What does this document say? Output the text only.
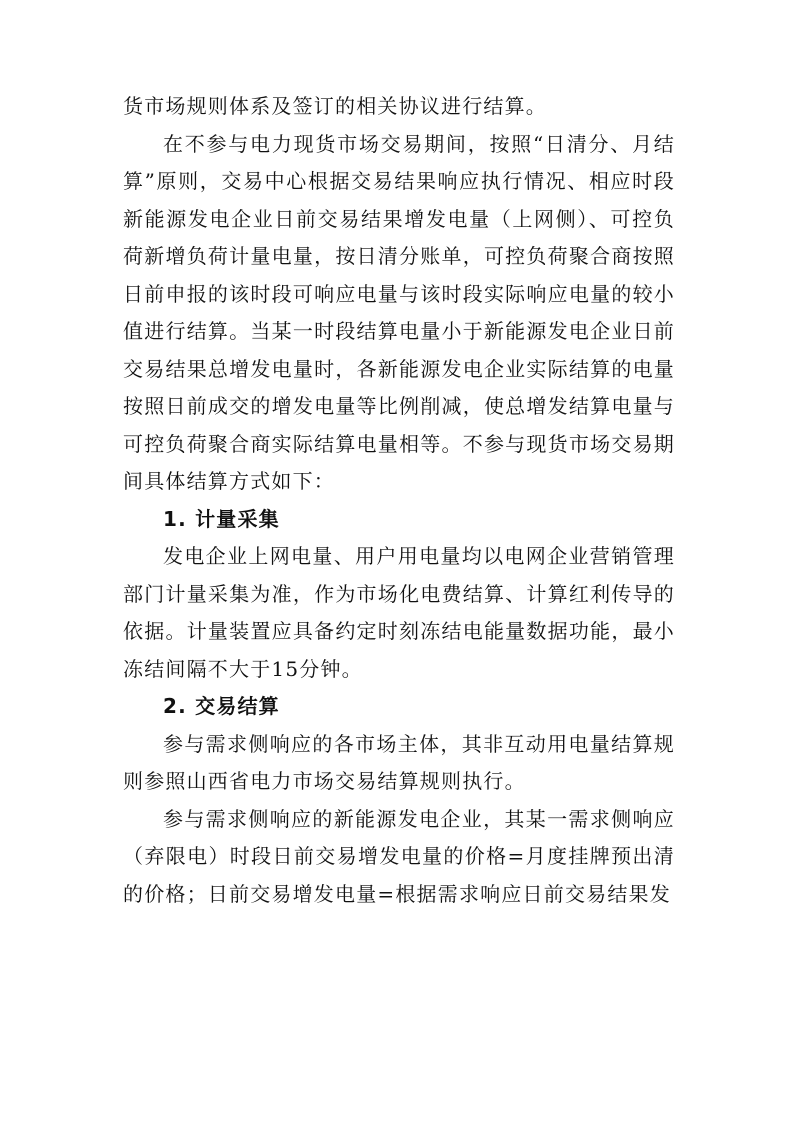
货市场规则体系及签订的相关协议进行结算。

在不参与电力现货市场交易期间，按照“日清分、月结算”原则，交易中心根据交易结果响应执行情况、相应时段新能源发电企业日前交易结果增发电量（上网侧）、可控负荷新增负荷计量电量，按日清分账单，可控负荷聚合商按照日前申报的该时段可响应电量与该时段实际响应电量的较小值进行结算。当某一时段结算电量小于新能源发电企业日前交易结果总增发电量时，各新能源发电企业实际结算的电量按照日前成交的增发电量等比例削减，使总增发结算电量与可控负荷聚合商实际结算电量相等。不参与现货市场交易期间具体结算方式如下：

1. 计量采集

发电企业上网电量、用户用电量均以电网企业营销管理部门计量采集为准，作为市场化电费结算、计算红利传导的依据。计量装置应具备约定时刻冻结电能量数据功能，最小冻结间隔不大于15分钟。

2. 交易结算

参与需求侧响应的各市场主体，其非互动用电量结算规则参照山西省电力市场交易结算规则执行。

参与需求侧响应的新能源发电企业，其某一需求侧响应（弃限电）时段日前交易增发电量的价格=月度挂牌预出清的价格；日前交易增发电量=根据需求响应日前交易结果发
